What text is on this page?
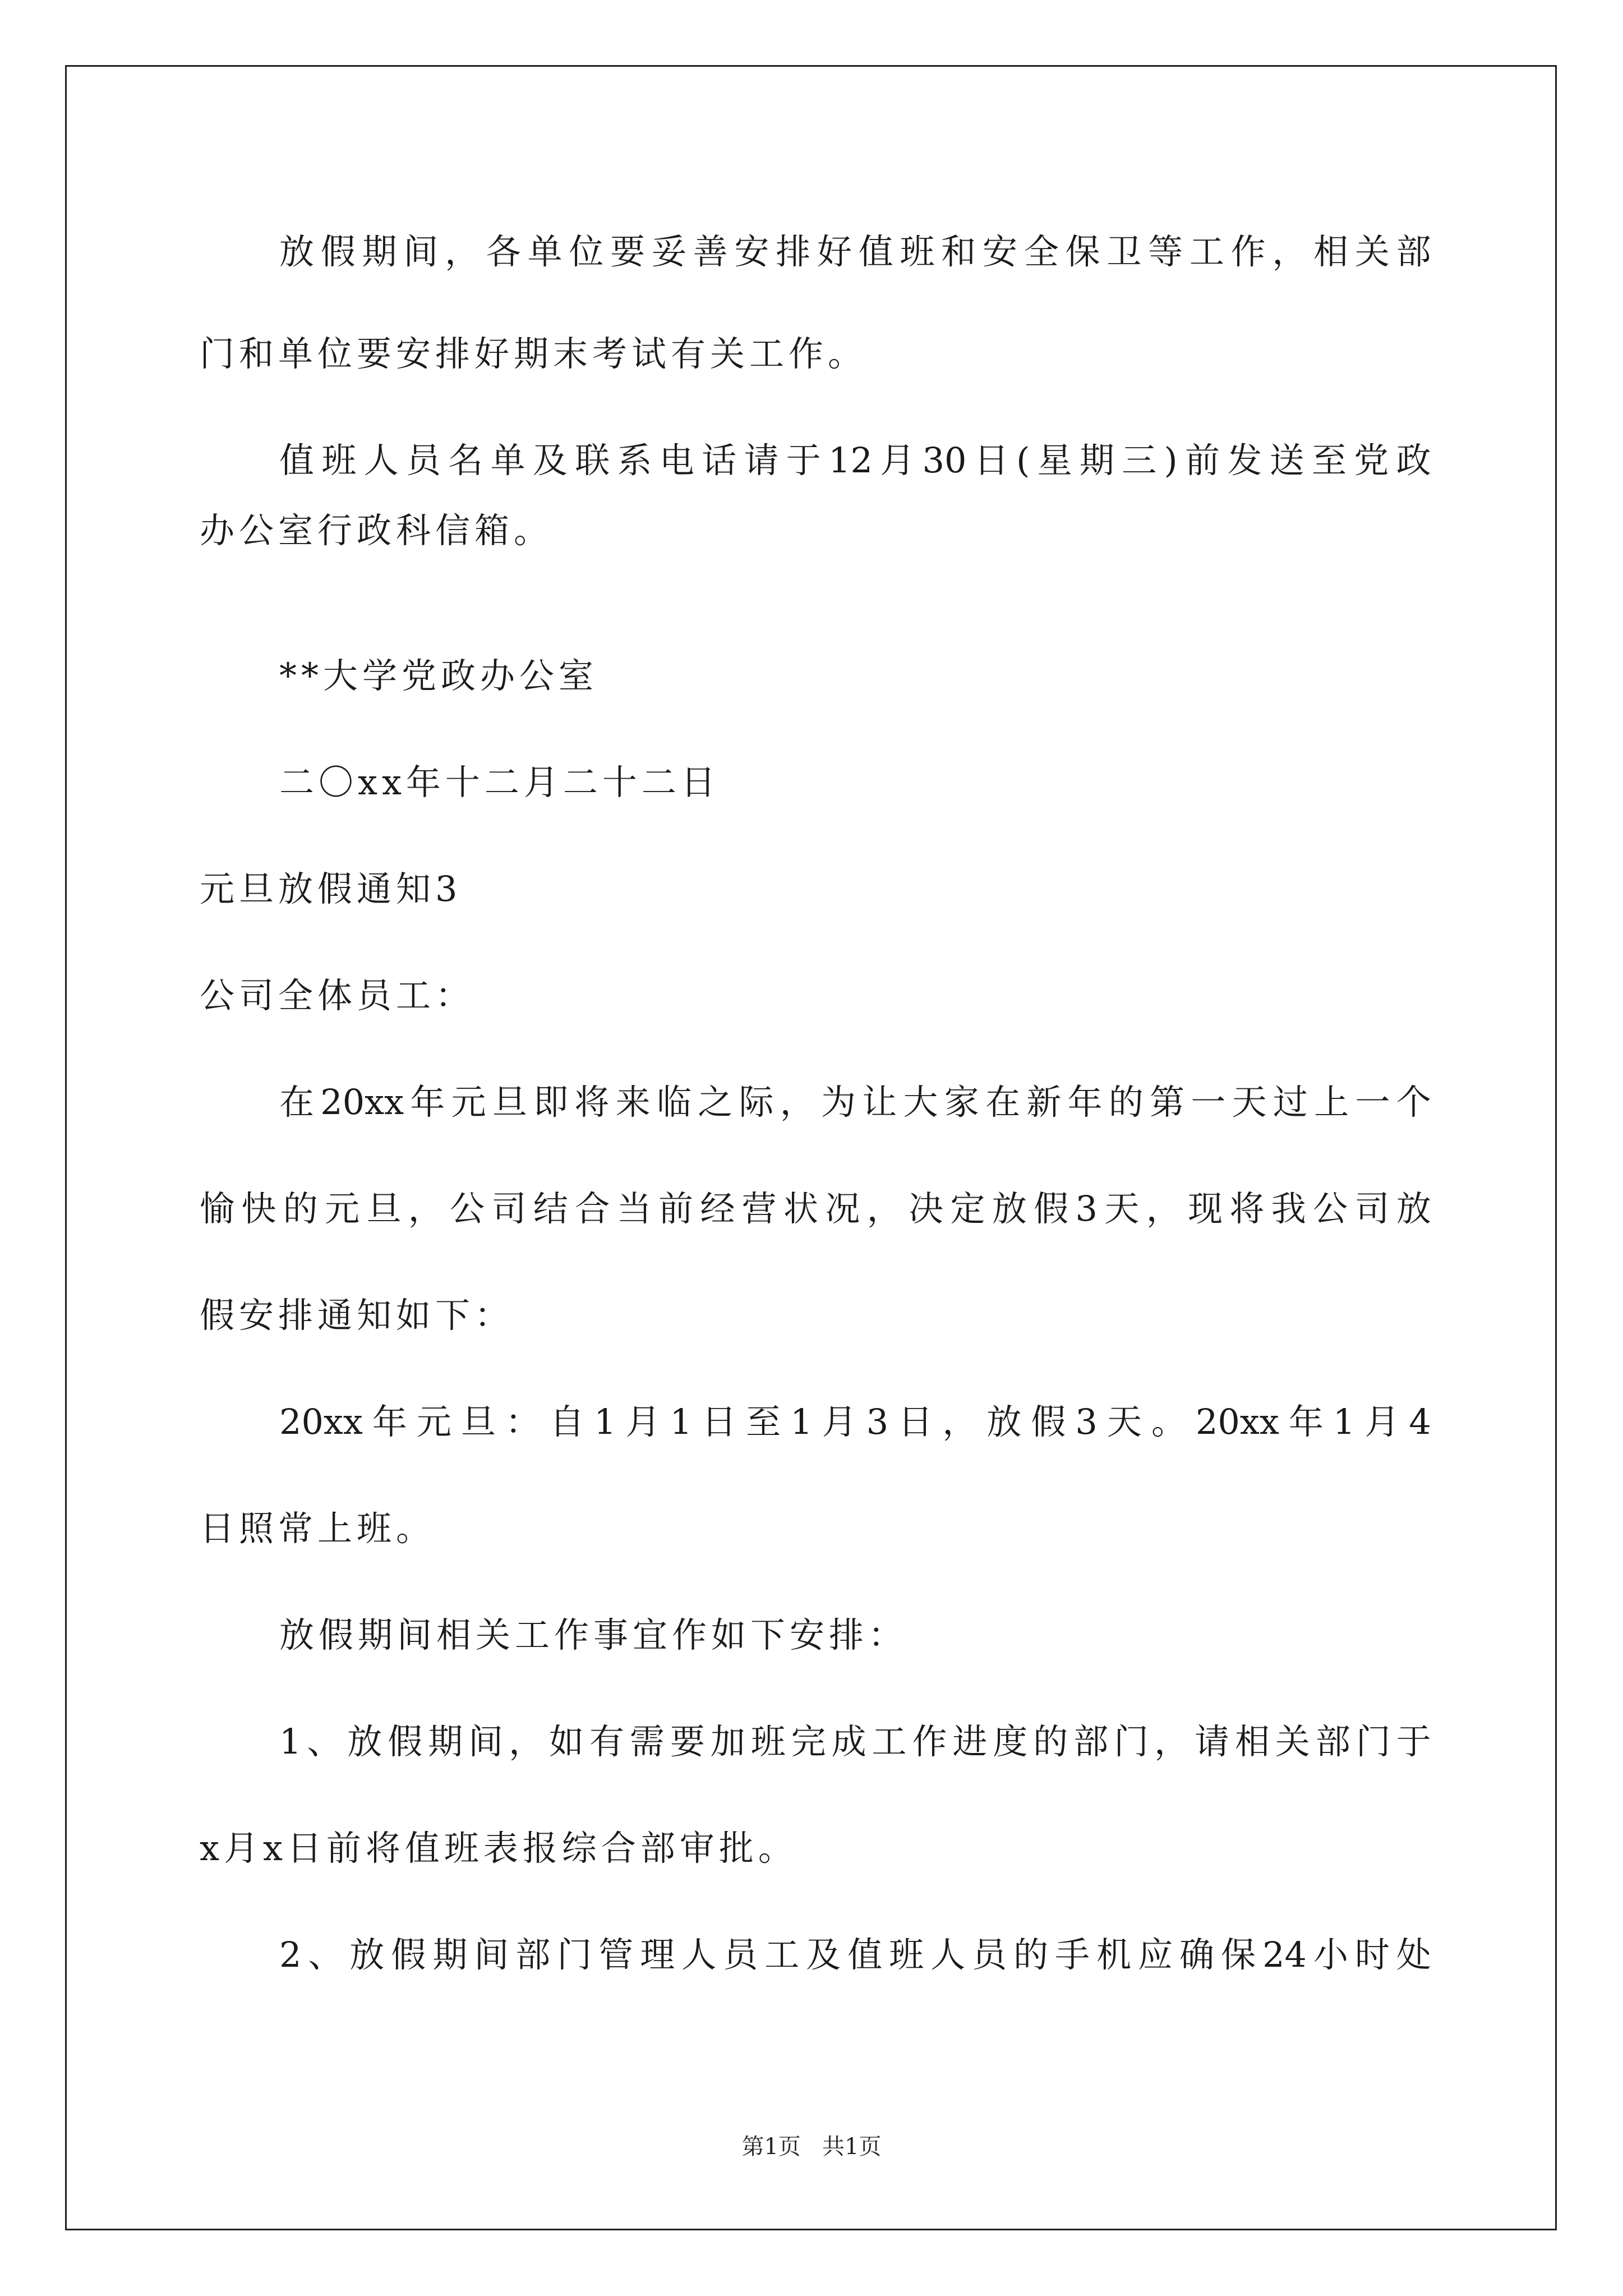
放 假 期 间 ， 各 单 位 要 妥 善 安 排 好 值 班 和 安 全 保 卫 等 工 作 ， 相 关 部
门和单位要安排好期末考试有关工作。
值 班 人 员 名 单 及 联 系 电 话 请 于 12 月 30 日 ( 星 期 三 ) 前 发 送 至 党 政
办公室行政科信箱。
**大学党政办公室
二〇xx年十二月二十二日
元旦放假通知3
公司全体员工：
在 20xx 年 元 旦 即 将 来 临 之 际 ， 为 让 大 家 在 新 年 的 第 一 天 过 上 一 个
愉 快 的 元 旦 ， 公 司 结 合 当 前 经 营 状 况 ， 决 定 放 假 3 天 ， 现 将 我 公 司 放
假安排通知如下：
20xx 年 元 旦 ： 自 1 月 1 日 至 1 月 3 日 ， 放 假 3 天 。 20xx 年 1 月 4
日照常上班。
放假期间相关工作事宜作如下安排：
1 、 放 假 期 间 ， 如 有 需 要 加 班 完 成 工 作 进 度 的 部 门 ， 请 相 关 部 门 于
x月x日前将值班表报综合部审批。
2 、 放 假 期 间 部 门 管 理 人 员 工 及 值 班 人 员 的 手 机 应 确 保 24 小 时 处
第1页   共1页
